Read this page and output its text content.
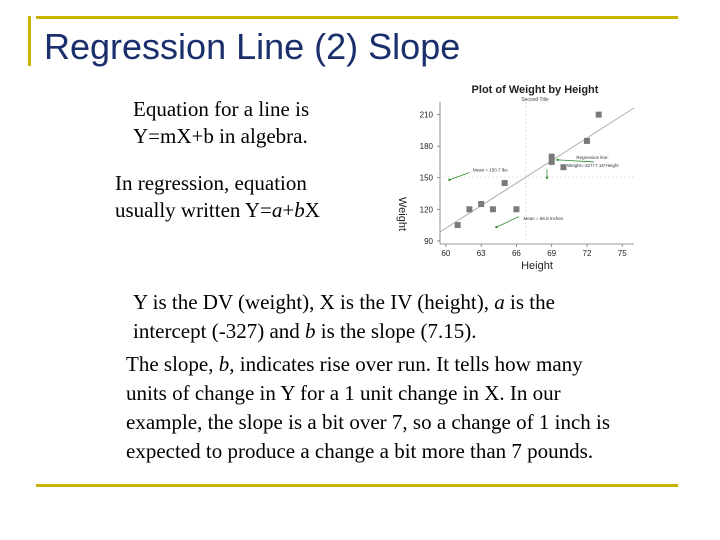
Regression Line (2) Slope
Equation for a line is
Y=mX+b in algebra.
In regression, equation
usually written Y=a+bX
Y is the DV (weight), X is the IV (height), a is the
intercept (-327) and b is the slope (7.15).
The slope, b, indicates rise over run. It tells how many
units of change in Y for a 1 unit change in X. In our
example, the slope is a bit over 7, so a change of 1 inch is
expected to produce a change a bit more than 7 pounds.
Plot of Weight by Height
Second Title
Height
Weight
60	63	66	69	72	75
90
120
150
180
210
Mean = 150.7 lbs.
Regression line:
Weight=-327+7.15*Height
Mean = 66.8 Inches
